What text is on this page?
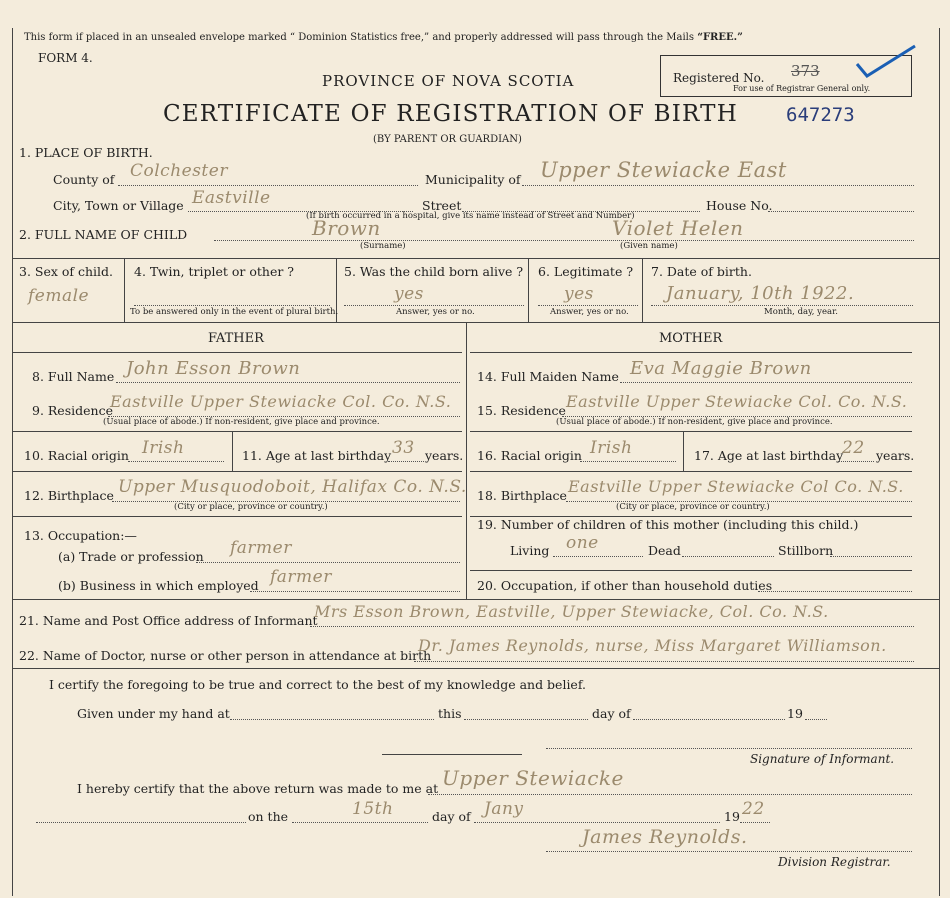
This form if placed in an unsealed envelope marked “ Dominion Statistics free,” and properly addressed will pass through the Mails “FREE.”
FORM 4.
PROVINCE OF NOVA SCOTIA
CERTIFICATE OF REGISTRATION OF BIRTH
(BY PARENT OR GUARDIAN)
Registered No. 373
For use of Registrar General only.
647273
1. PLACE OF BIRTH.
County of Colchester	Municipality of Upper Stewiacke East
City, Town or Village Eastville	Street	House No.
(If birth occurred in a hospital, give its name instead of Street and Number)
2. FULL NAME OF CHILD	Brown	Violet Helen
(Surname)	(Given name)
3. Sex of child.
female
4. Twin, triplet or other ?
To be answered only in the event of plural birth.
5. Was the child born alive ?
yes
Answer, yes or no.
6. Legitimate ?
yes
Answer, yes or no.
7. Date of birth.
January, 10th 1922.
Month, day, year.
FATHER	MOTHER
8. Full Name John Esson Brown
9. Residence
Eastville Upper Stewiacke Col. Co. N.S.
(Usual place of abode.) If non-resident, give place and province.
10. Racial origin Irish	11. Age at last birthday 33 years.
12. Birthplace Upper Musquodoboit, Halifax Co. N.S.
(City or place, province or country.)
13. Occupation:—
(a) Trade or profession farmer
(b) Business in which employed farmer
14. Full Maiden Name Eva Maggie Brown
15. Residence Eastville Upper Stewiacke Col. Co. N.S.
(Usual place of abode.) If non-resident, give place and province.
16. Racial origin Irish	17. Age at last birthday
22 years.
18. Birthplace Eastville Upper Stewiacke Col Co. N.S.
(City or place, province or country.)
19. Number of children of this mother (including this child.)
Living one	Dead	Stillborn
20. Occupation, if other than household duties
21. Name and Post Office address of Informant
Mrs Esson Brown, Eastville, Upper Stewiacke, Col. Co. N.S.
22. Name of Doctor, nurse or other person in attendance at birth
Dr. James Reynolds, nurse, Miss Margaret Williamson.
I certify the foregoing to be true and correct to the best of my knowledge and belief.
Given under my hand at	this	day of	19
Signature of Informant.
I hereby certify that the above return was made to me at Upper Stewiacke
on the	15th	day of Jany	19 22
James Reynolds.
Division Registrar.
